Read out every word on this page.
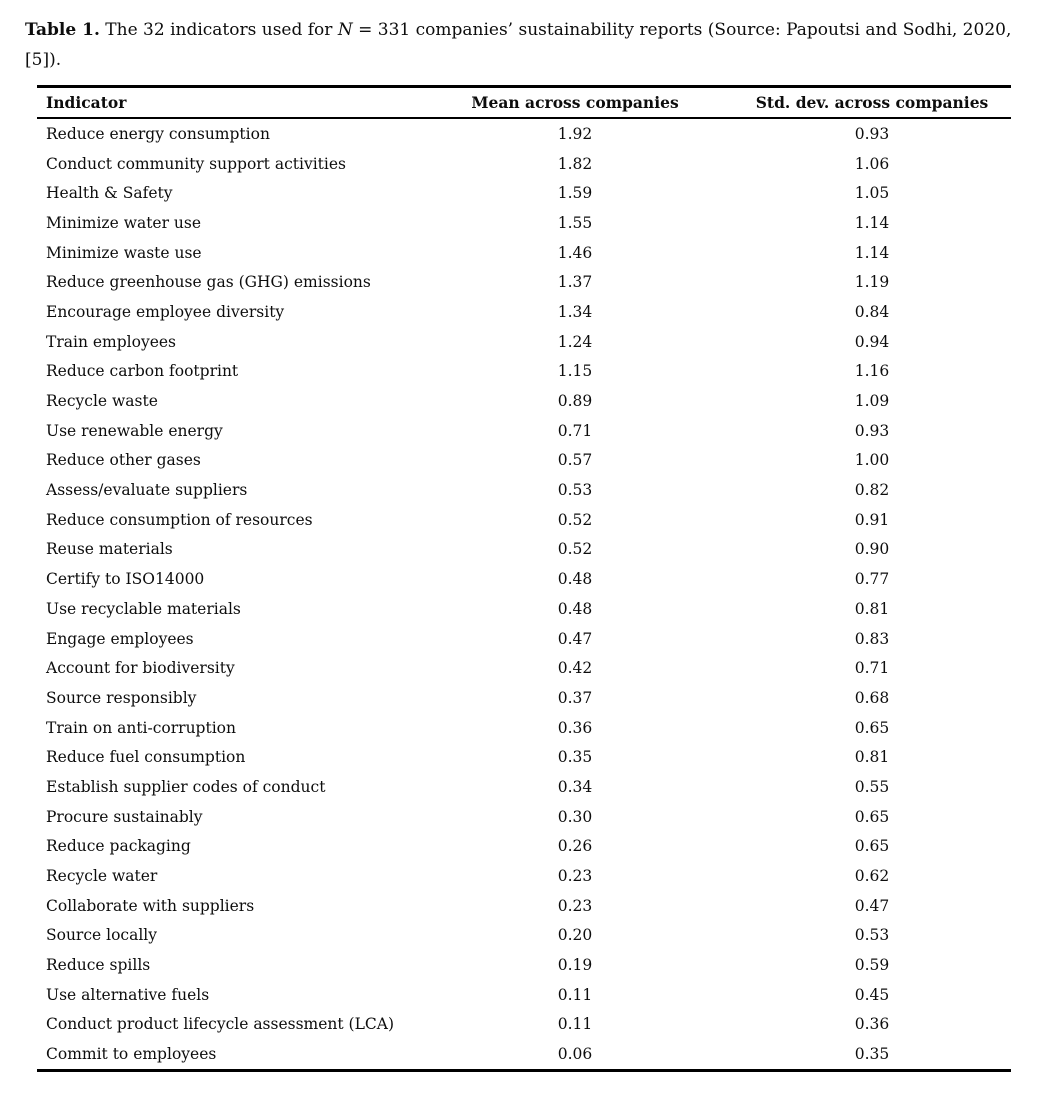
Table 1. The 32 indicators used for N = 331 companies’ sustainability reports (Source: Papoutsi and Sodhi, 2020, [5]).

Indicator	Mean across companies	Std. dev. across companies
Reduce energy consumption	1.92	0.93
Conduct community support activities	1.82	1.06
Health & Safety	1.59	1.05
Minimize water use	1.55	1.14
Minimize waste use	1.46	1.14
Reduce greenhouse gas (GHG) emissions	1.37	1.19
Encourage employee diversity	1.34	0.84
Train employees	1.24	0.94
Reduce carbon footprint	1.15	1.16
Recycle waste	0.89	1.09
Use renewable energy	0.71	0.93
Reduce other gases	0.57	1.00
Assess/evaluate suppliers	0.53	0.82
Reduce consumption of resources	0.52	0.91
Reuse materials	0.52	0.90
Certify to ISO14000	0.48	0.77
Use recyclable materials	0.48	0.81
Engage employees	0.47	0.83
Account for biodiversity	0.42	0.71
Source responsibly	0.37	0.68
Train on anti-corruption	0.36	0.65
Reduce fuel consumption	0.35	0.81
Establish supplier codes of conduct	0.34	0.55
Procure sustainably	0.30	0.65
Reduce packaging	0.26	0.65
Recycle water	0.23	0.62
Collaborate with suppliers	0.23	0.47
Source locally	0.20	0.53
Reduce spills	0.19	0.59
Use alternative fuels	0.11	0.45
Conduct product lifecycle assessment (LCA)	0.11	0.36
Commit to employees	0.06	0.35
